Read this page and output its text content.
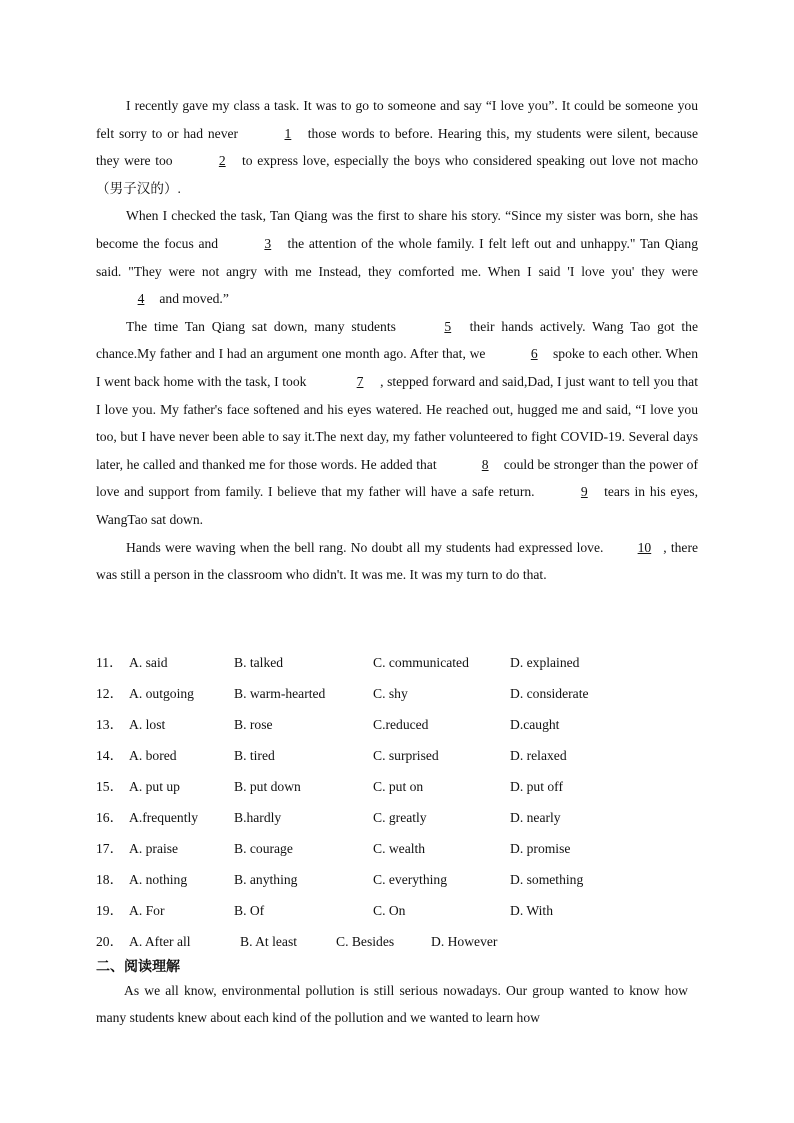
I recently gave my class a task. It was to go to someone and say “I love you”. It could be someone you felt sorry to or had never	1 those words to before. Hearing this, my students were silent, because they were too	2 to express love, especially the boys who considered speaking out love not macho （男子汉的）.

When I checked the task, Tan Qiang was the first to share his story. “Since my sister was born, she has become the focus and	3 the attention of the whole family. I felt left out and unhappy." Tan Qiang said. "They were not angry with me Instead, they comforted me. When I said 'I love you' they were 4 and moved.”

The time Tan Qiang sat down, many students	5 their hands actively. Wang Tao got the chance.My father and I had an argument one month ago. After that, we	6 spoke to each other. When I went back home with the task, I took	7 , stepped forward and said,Dad, I just want to tell you that I love you. My father's face softened and his eyes watered. He reached out, hugged me and said, “I love you too, but I have never been able to say it.The next day, my father volunteered to fight COVID-19. Several days later, he called and thanked me for those words. He added that	8 could be stronger than the power of love and support from family. I believe that my father will have a safe return.	9 tears in his eyes, WangTao sat down.

Hands were waving when the bell rang. No doubt all my students had expressed love. 10 , there was still a person in the classroom who didn't. It was me. It was my turn to do that.

11． A. said	B. talked	C. communicated	D. explained
12． A. outgoing	B. warm-hearted	C. shy	D. considerate
13． A. lost	B. rose	C.reduced	D.caught
14． A. bored	B. tired	C. surprised	D. relaxed
15． A. put up	B. put down	C. put on	D. put off
16． A.frequently	B.hardly	C. greatly	D. nearly
17． A. praise	B. courage	C. wealth	D. promise
18． A. nothing	B. anything	C. everything	D. something
19． A. For	B. Of	C. On	D. With
20． A. After all	B. At least	C. Besides	D. However
二、阅读理解

As we all know, environmental pollution is still serious nowadays. Our group wanted to know how many students knew about each kind of the pollution and we wanted to learn how
